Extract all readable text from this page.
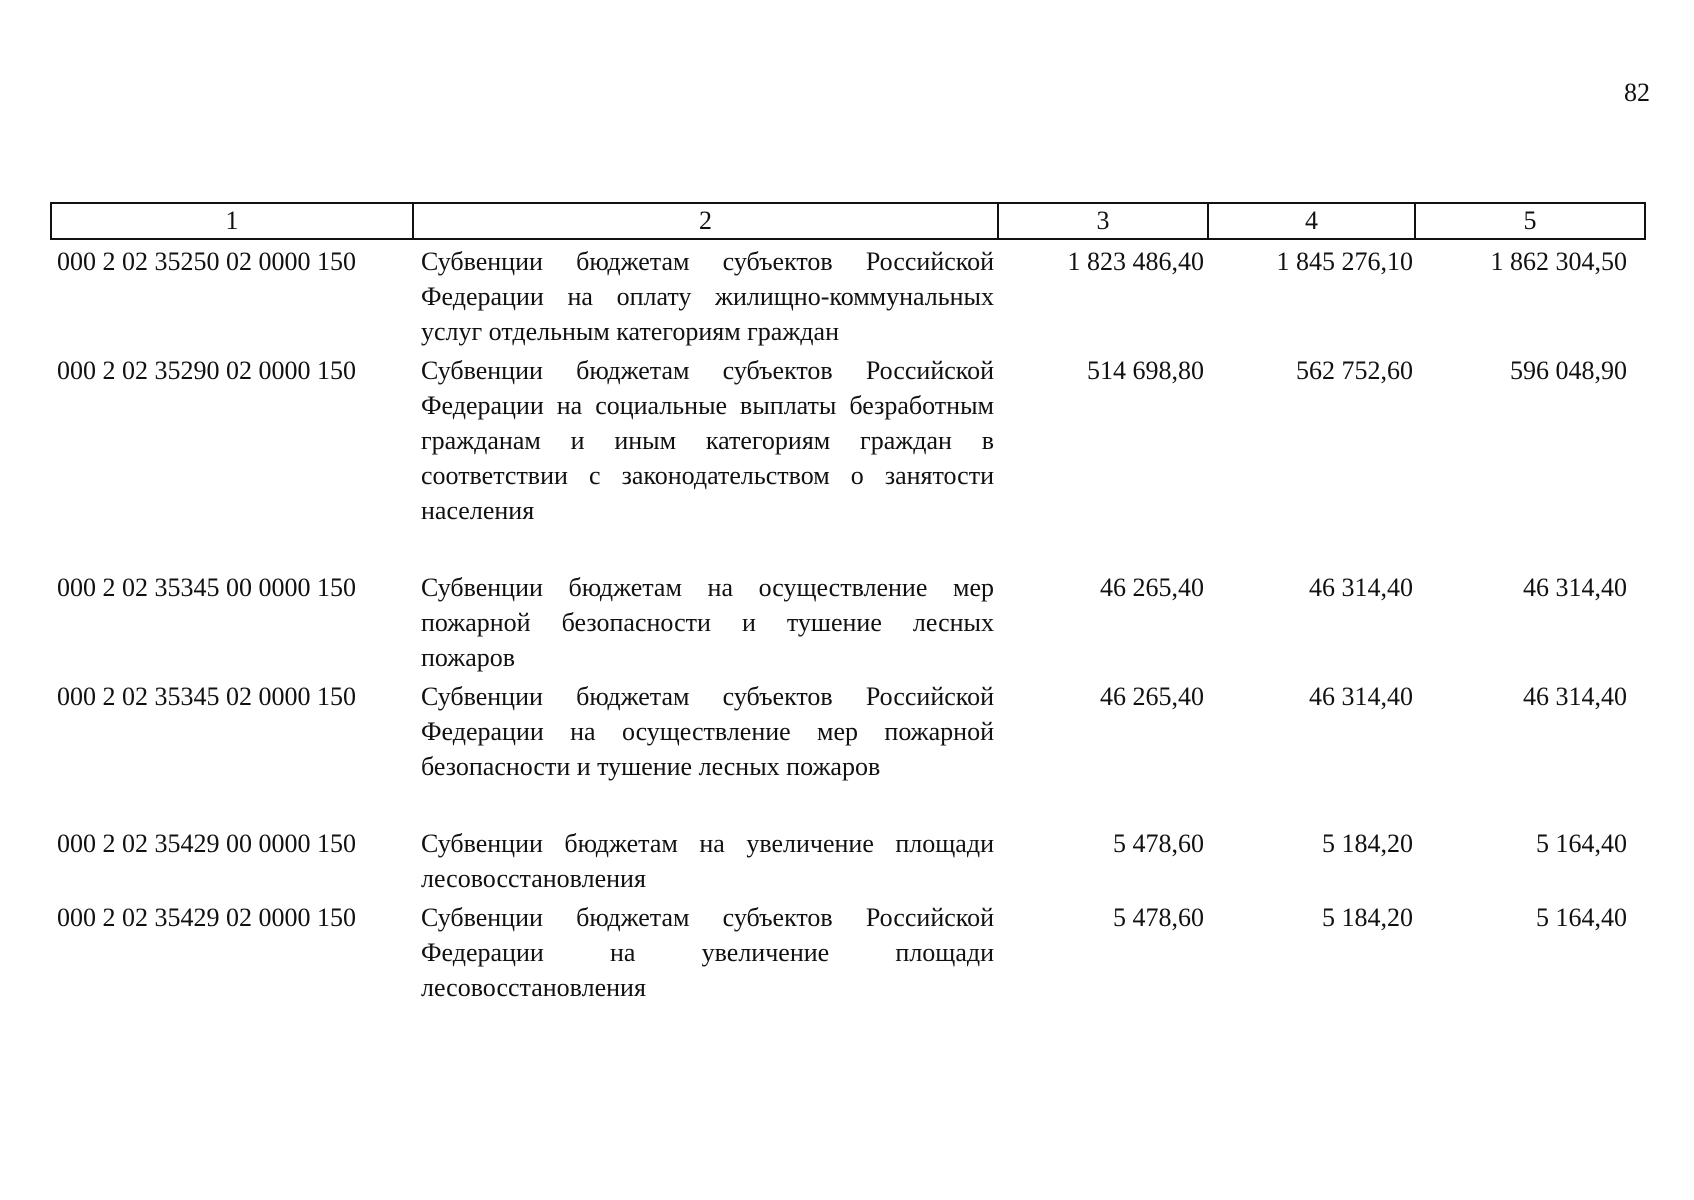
82
1	2	3	4	5
000 2 02 35250 02 0000 150	Субвенции бюджетам субъектов Российской Федерации на оплату жилищно-коммунальных услуг отдельным категориям граждан	1 823 486,40	1 845 276,10	1 862 304,50
000 2 02 35290 02 0000 150	Субвенции бюджетам субъектов Российской Федерации на социальные выплаты безработным гражданам и иным категориям граждан в соответствии с законодательством о занятости населения	514 698,80	562 752,60	596 048,90
000 2 02 35345 00 0000 150	Субвенции бюджетам на осуществление мер пожарной безопасности и тушение лесных пожаров	46 265,40	46 314,40	46 314,40
000 2 02 35345 02 0000 150	Субвенции бюджетам субъектов Российской Федерации на осуществление мер пожарной безопасности и тушение лесных пожаров	46 265,40	46 314,40	46 314,40
000 2 02 35429 00 0000 150	Субвенции бюджетам на увеличение площади лесовосстановления	5 478,60	5 184,20	5 164,40
000 2 02 35429 02 0000 150	Субвенции бюджетам субъектов Российской Федерации на увеличение площади лесовосстановления	5 478,60	5 184,20	5 164,40
